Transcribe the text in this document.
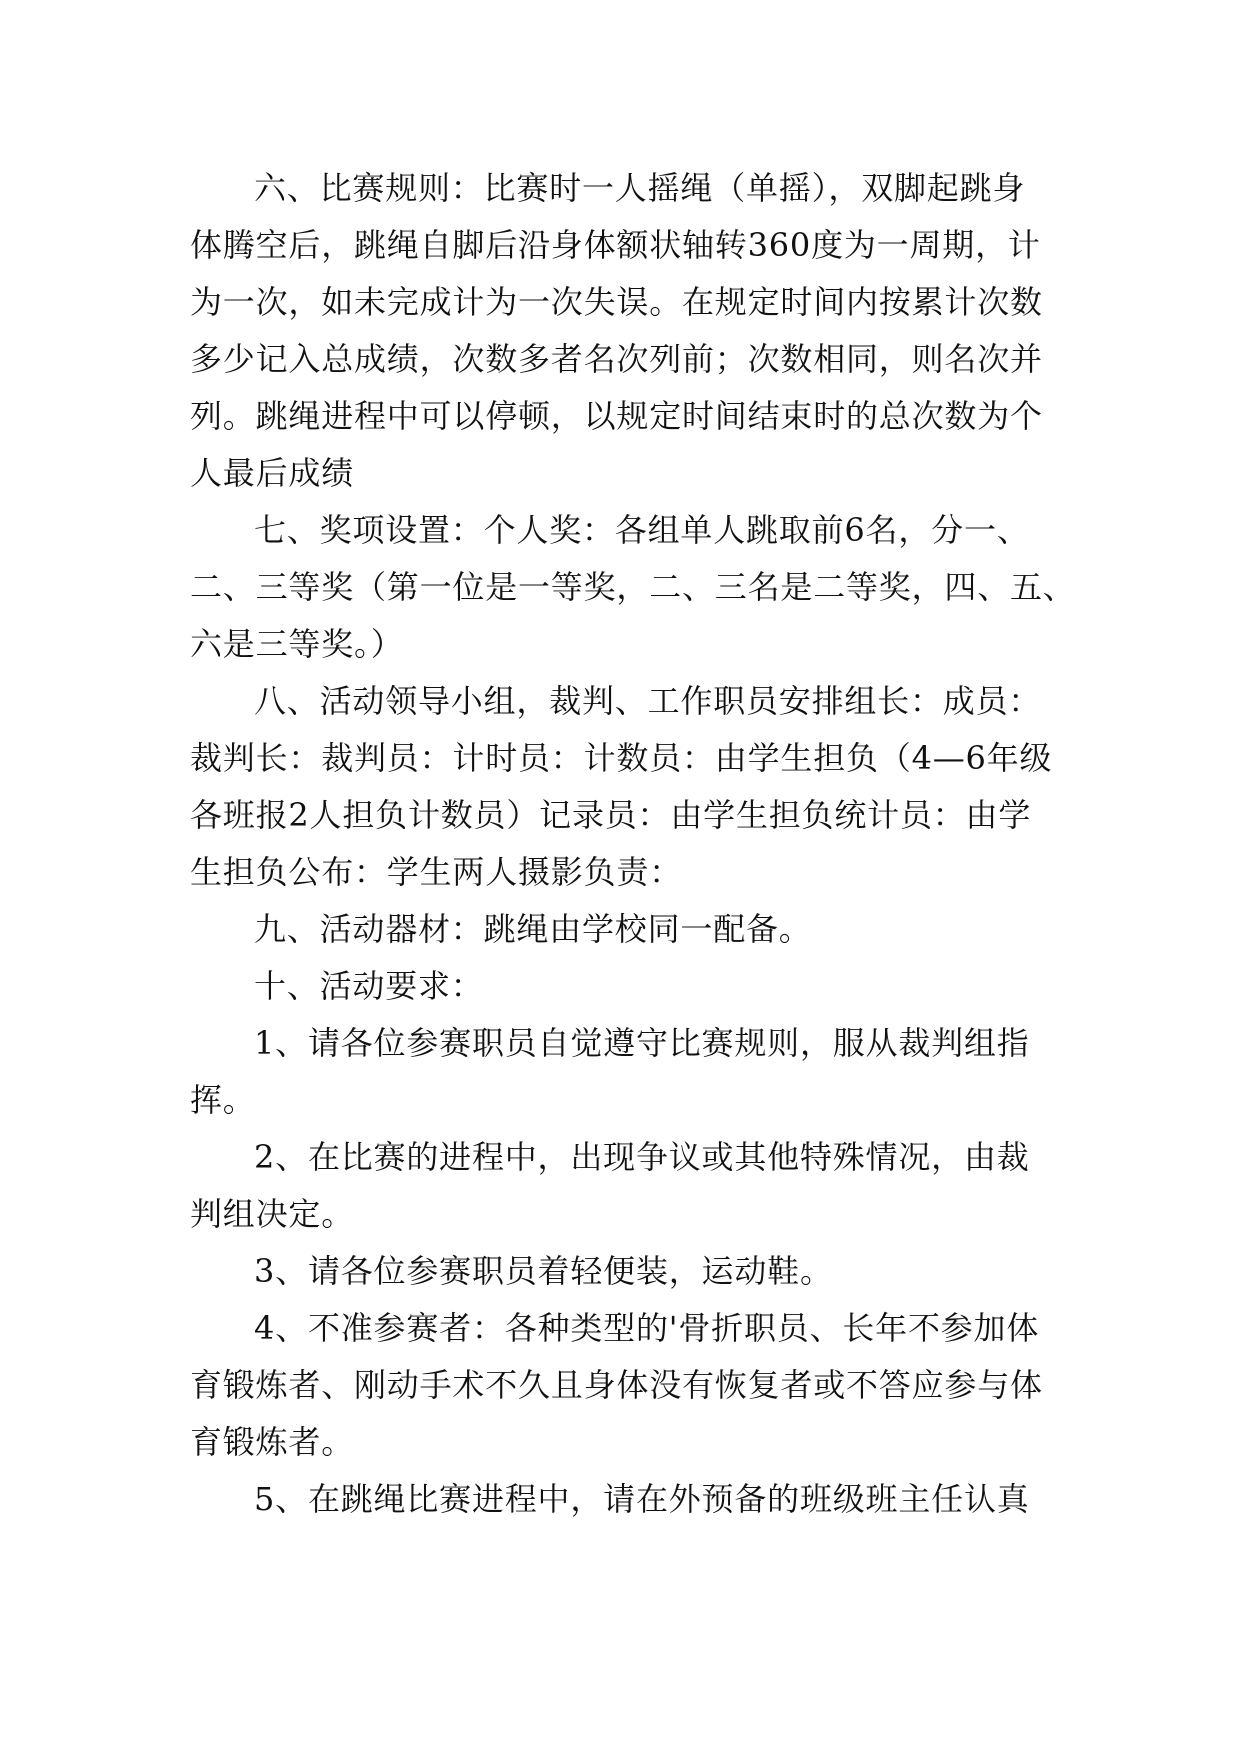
六、比赛规则：比赛时一人摇绳（单摇），双脚起跳身
体腾空后，跳绳自脚后沿身体额状轴转360度为一周期，计
为一次，如未完成计为一次失误。在规定时间内按累计次数
多少记入总成绩，次数多者名次列前；次数相同，则名次并
列。跳绳进程中可以停顿，以规定时间结束时的总次数为个
人最后成绩
七、奖项设置：个人奖：各组单人跳取前6名，分一、
二、三等奖（第一位是一等奖，二、三名是二等奖，四、五、
六是三等奖。）
八、活动领导小组，裁判、工作职员安排组长：成员：
裁判长：裁判员：计时员：计数员：由学生担负（4—6年级
各班报2人担负计数员）记录员：由学生担负统计员：由学
生担负公布：学生两人摄影负责：
九、活动器材：跳绳由学校同一配备。
十、活动要求：
1、请各位参赛职员自觉遵守比赛规则，服从裁判组指
挥。
2、在比赛的进程中，出现争议或其他特殊情况，由裁
判组决定。
3、请各位参赛职员着轻便装，运动鞋。
4、不准参赛者：各种类型的'骨折职员、长年不参加体
育锻炼者、刚动手术不久且身体没有恢复者或不答应参与体
育锻炼者。
5、在跳绳比赛进程中，请在外预备的班级班主任认真
